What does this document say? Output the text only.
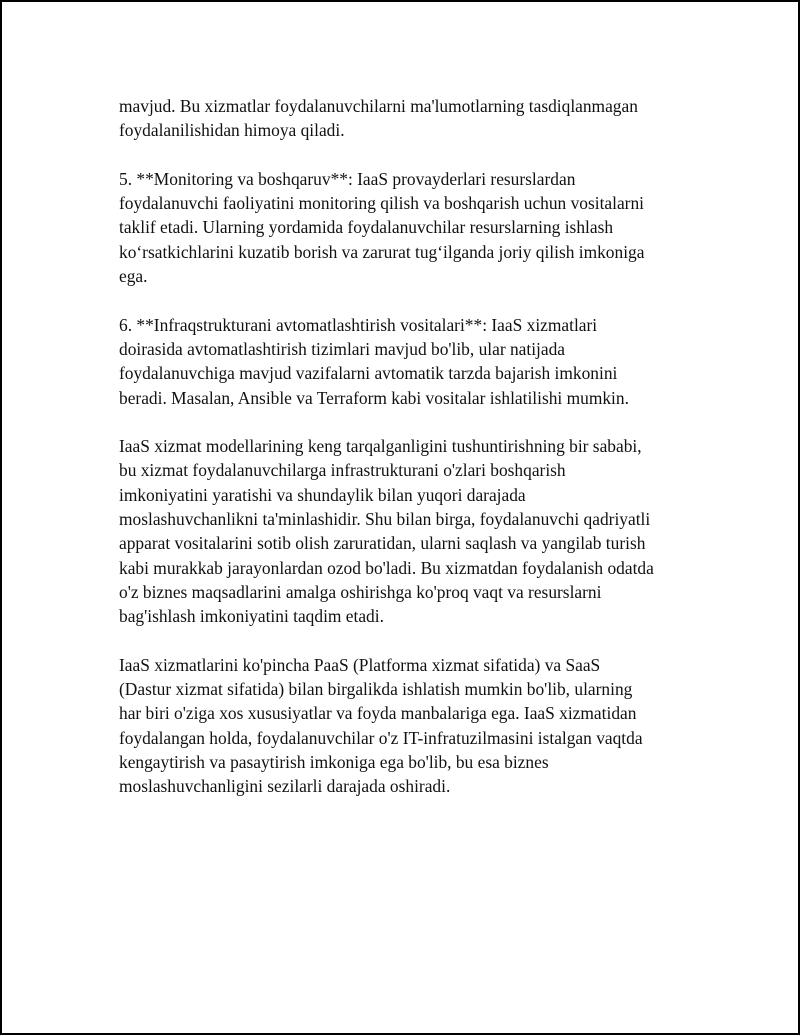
mavjud. Bu xizmatlar foydalanuvchilarni ma'lumotlarning tasdiqlanmagan
foydalanilishidan himoya qiladi.

5. **Monitoring va boshqaruv**: IaaS provayderlari resurslardan
foydalanuvchi faoliyatini monitoring qilish va boshqarish uchun vositalarni
taklif etadi. Ularning yordamida foydalanuvchilar resurslarning ishlash
koʻrsatkichlarini kuzatib borish va zarurat tugʻilganda joriy qilish imkoniga
ega.

6. **Infraqstrukturani avtomatlashtirish vositalari**: IaaS xizmatlari
doirasida avtomatlashtirish tizimlari mavjud bo'lib, ular natijada
foydalanuvchiga mavjud vazifalarni avtomatik tarzda bajarish imkonini
beradi. Masalan, Ansible va Terraform kabi vositalar ishlatilishi mumkin.

IaaS xizmat modellarining keng tarqalganligini tushuntirishning bir sababi,
bu xizmat foydalanuvchilarga infrastrukturani o'zlari boshqarish
imkoniyatini yaratishi va shundaylik bilan yuqori darajada
moslashuvchanlikni ta'minlashidir. Shu bilan birga, foydalanuvchi qadriyatli
apparat vositalarini sotib olish zaruratidan, ularni saqlash va yangilab turish
kabi murakkab jarayonlardan ozod bo'ladi. Bu xizmatdan foydalanish odatda
o'z biznes maqsadlarini amalga oshirishga ko'proq vaqt va resurslarni
bag'ishlash imkoniyatini taqdim etadi.

IaaS xizmatlarini ko'pincha PaaS (Platforma xizmat sifatida) va SaaS
(Dastur xizmat sifatida) bilan birgalikda ishlatish mumkin bo'lib, ularning
har biri o'ziga xos xususiyatlar va foyda manbalariga ega. IaaS xizmatidan
foydalangan holda, foydalanuvchilar o'z IT-infratuzilmasini istalgan vaqtda
kengaytirish va pasaytirish imkoniga ega bo'lib, bu esa biznes
moslashuvchanligini sezilarli darajada oshiradi.
